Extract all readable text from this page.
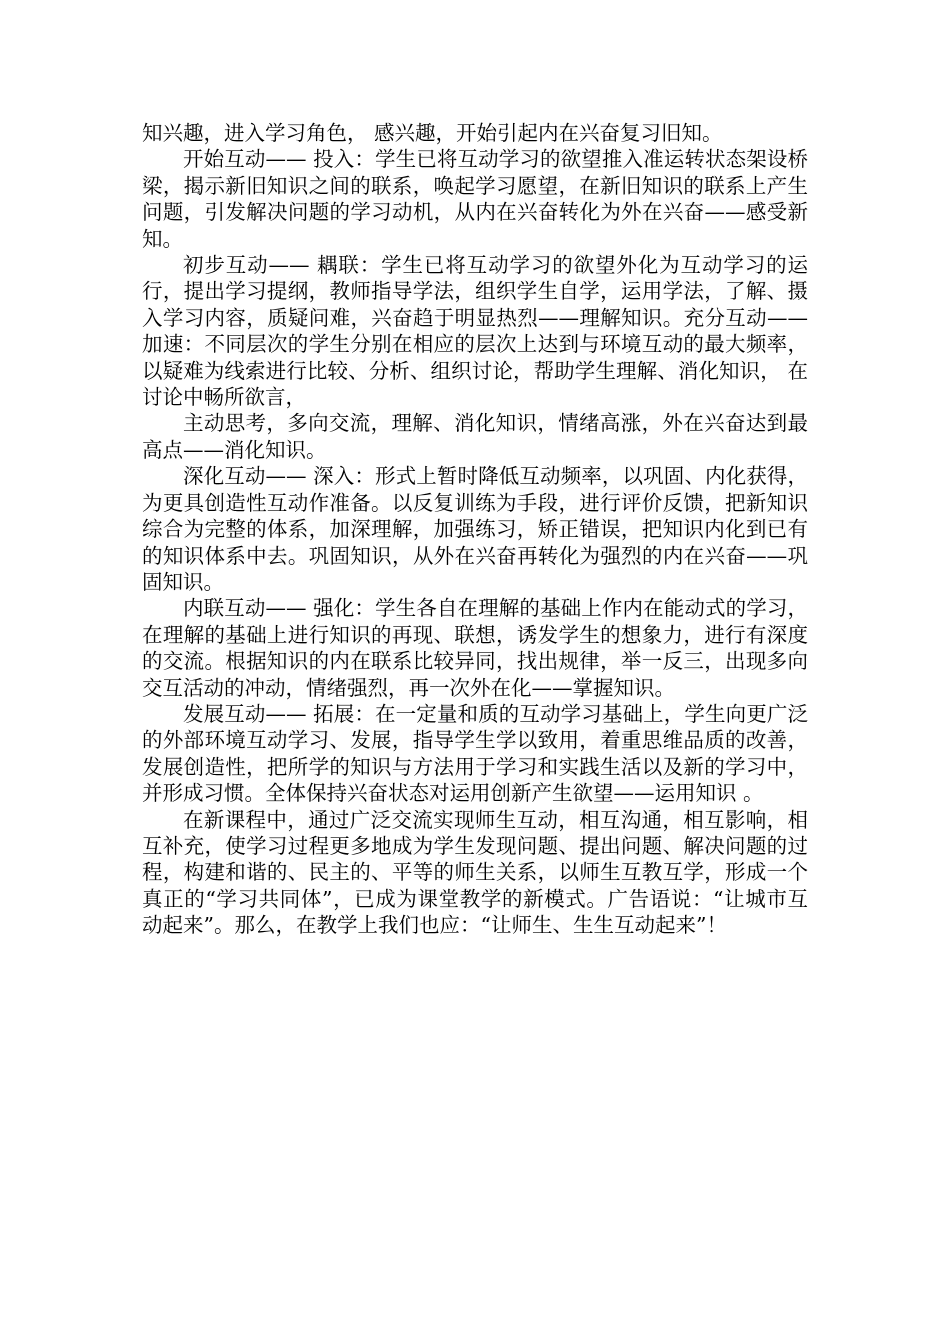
知兴趣，进入学习角色， 感兴趣，开始引起内在兴奋复习旧知。

开始互动—— 投入：学生已将互动学习的欲望推入准运转状态架设桥梁，揭示新旧知识之间的联系，唤起学习愿望，在新旧知识的联系上产生问题，引发解决问题的学习动机，从内在兴奋转化为外在兴奋——感受新知。

初步互动—— 耦联：学生已将互动学习的欲望外化为互动学习的运行，提出学习提纲，教师指导学法，组织学生自学，运用学法，了解、摄入学习内容，质疑问难，兴奋趋于明显热烈——理解知识。充分互动—— 加速：不同层次的学生分别在相应的层次上达到与环境互动的最大频率，以疑难为线索进行比较、分析、组织讨论，帮助学生理解、消化知识， 在讨论中畅所欲言，

主动思考，多向交流，理解、消化知识，情绪高涨，外在兴奋达到最高点——消化知识。

深化互动—— 深入：形式上暂时降低互动频率，以巩固、内化获得，为更具创造性互动作准备。以反复训练为手段，进行评价反馈，把新知识综合为完整的体系，加深理解，加强练习，矫正错误，把知识内化到已有的知识体系中去。巩固知识，从外在兴奋再转化为强烈的内在兴奋——巩固知识。

内联互动—— 强化：学生各自在理解的基础上作内在能动式的学习，在理解的基础上进行知识的再现、联想，诱发学生的想象力，进行有深度的交流。根据知识的内在联系比较异同，找出规律，举一反三，出现多向交互活动的冲动，情绪强烈，再一次外在化——掌握知识。

发展互动—— 拓展：在一定量和质的互动学习基础上，学生向更广泛的外部环境互动学习、发展，指导学生学以致用，着重思维品质的改善，发展创造性，把所学的知识与方法用于学习和实践生活以及新的学习中，并形成习惯。全体保持兴奋状态对运用创新产生欲望——运用知识 。

在新课程中，通过广泛交流实现师生互动，相互沟通，相互影响，相互补充，使学习过程更多地成为学生发现问题、提出问题、解决问题的过程，构建和谐的、民主的、平等的师生关系，以师生互教互学，形成一个真正的“学习共同体”，已成为课堂教学的新模式。广告语说：“让城市互动起来”。那么，在教学上我们也应：“让师生、生生互动起来”！
